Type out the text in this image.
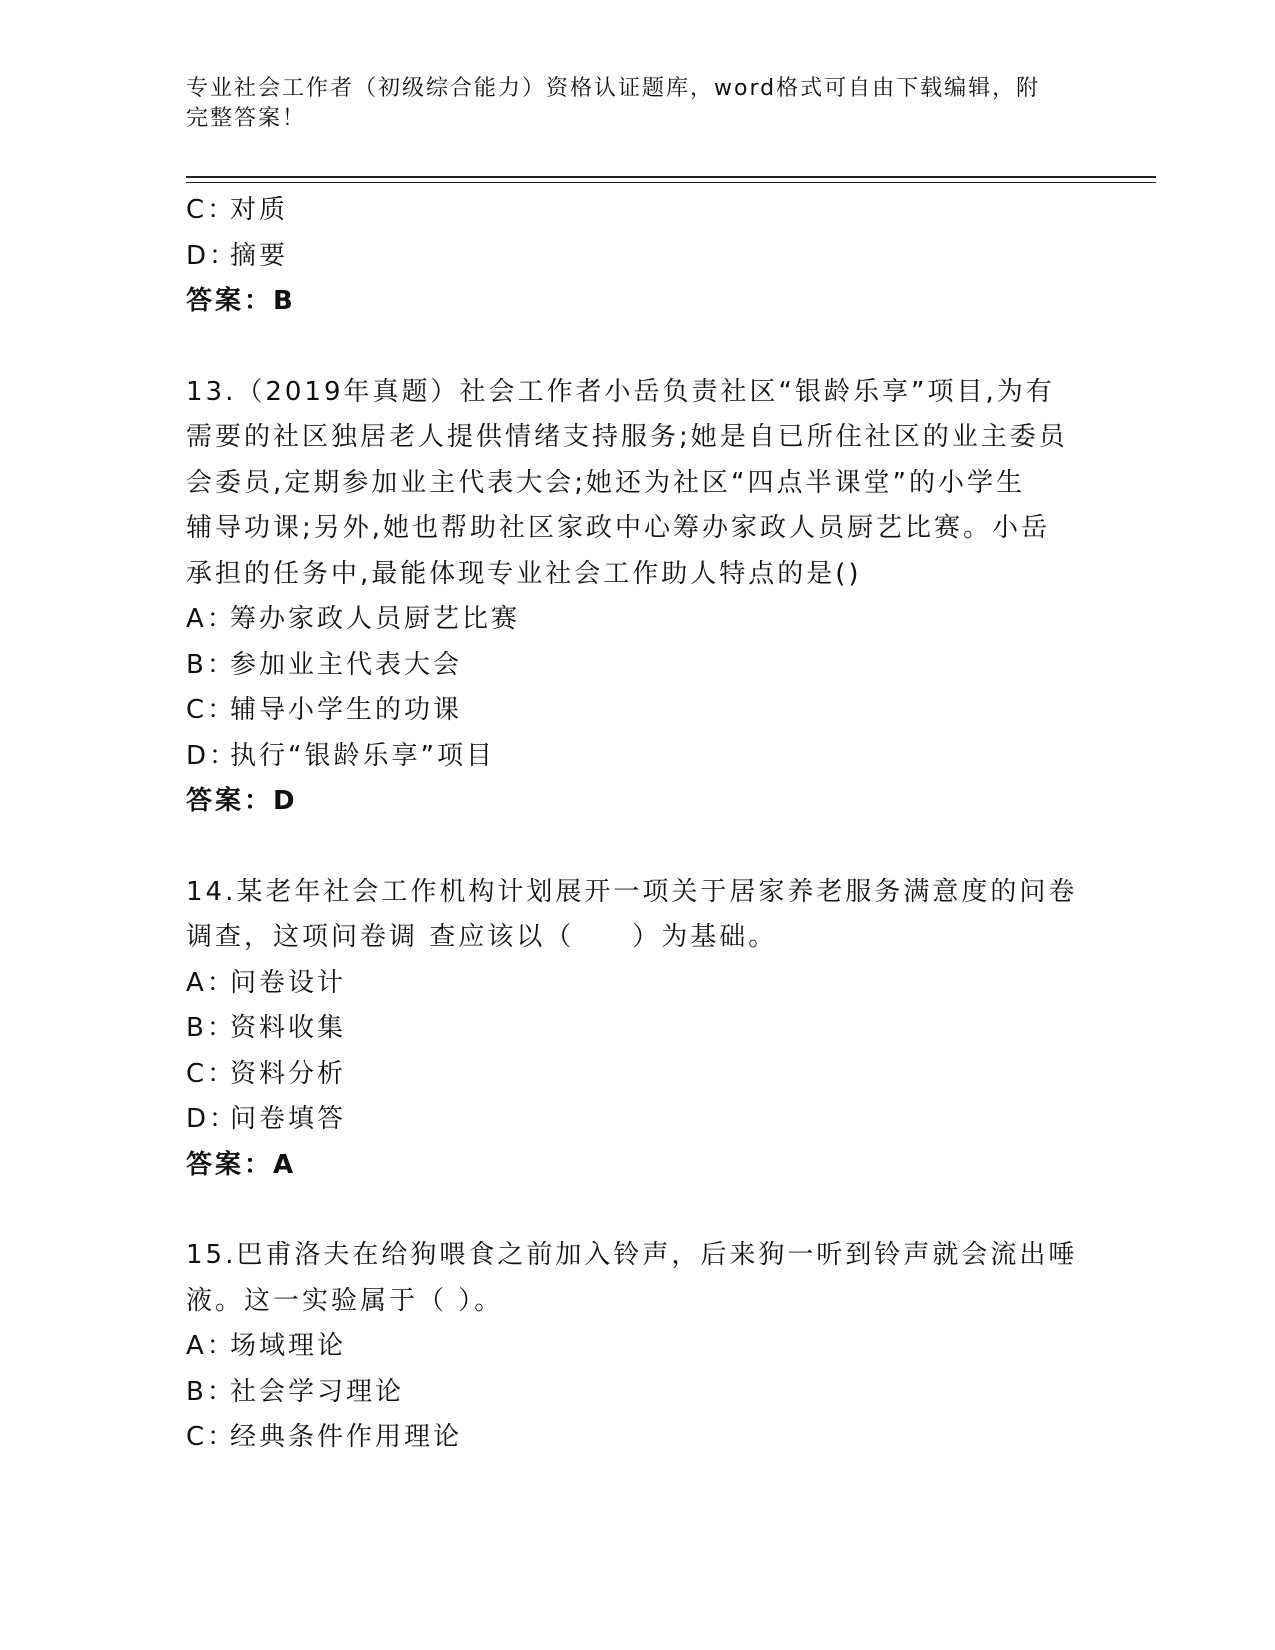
专业社会工作者（初级综合能力）资格认证题库，word格式可自由下载编辑，附
完整答案！
C：
对质
D：
摘要
答案：B
13.（2019年真题）社会工作者小岳负责社区“银龄乐享”项目,为有
需要的社区独居老人提供情绪支持服务;她是自已所住社区的业主委员
会委员,定期参加业主代表大会;她还为社区“四点半课堂”的小学生
辅导功课;另外,她也帮助社区家政中心筹办家政人员厨艺比赛。小岳
承担的任务中,最能体现专业社会工作助人特点的是()
A：
筹办家政人员厨艺比赛
B：
参加业主代表大会
C：
辅导小学生的功课
D：
执行“银龄乐享”项目
答案：D
14.某老年社会工作机构计划展开一项关于居家养老服务满意度的问卷
调查，这项问卷调 查应该以（　　）为基础。
A：
问卷设计
B：
资料收集
C：
资料分析
D：
问卷填答
答案：A
15.巴甫洛夫在给狗喂食之前加入铃声，后来狗一听到铃声就会流出唾
液。这一实验属于（ ）。
A：
场域理论
B：
社会学习理论
C：
经典条件作用理论
